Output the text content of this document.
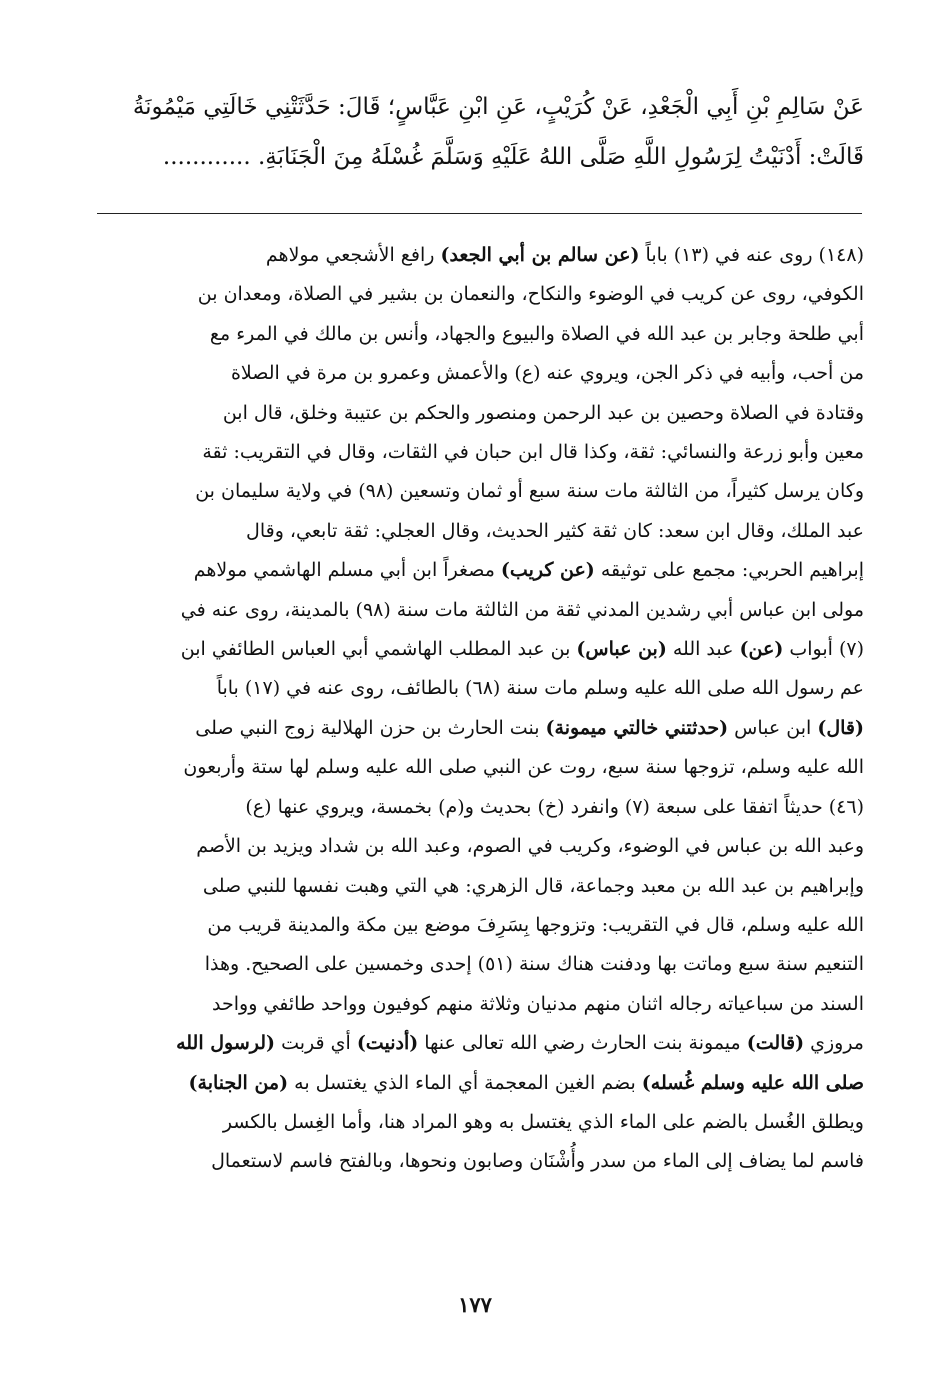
عَنْ سَالِمِ بْنِ أَبِي الْجَعْدِ، عَنْ كُرَيْبٍ، عَنِ ابْنِ عَبَّاسٍ؛ قَالَ: حَدَّثَتْنِي خَالَتِي مَيْمُونَةُ
قَالَتْ: أَدْنَيْتُ لِرَسُولِ اللَّهِ صَلَّى اللهُ عَلَيْهِ وَسَلَّمَ غُسْلَهُ مِنَ الْجَنَابَةِ. ............
(١٤٨) روى عنه في (١٣) باباً (عن سالم بن أبي الجعد) رافع الأشجعي مولاهم
الكوفي، روى عن كريب في الوضوء والنكاح، والنعمان بن بشير في الصلاة، ومعدان بن
أبي طلحة وجابر بن عبد الله في الصلاة والبيوع والجهاد، وأنس بن مالك في المرء مع
من أحب، وأبيه في ذكر الجن، ويروي عنه (ع) والأعمش وعمرو بن مرة في الصلاة
وقتادة في الصلاة وحصين بن عبد الرحمن ومنصور والحكم بن عتيبة وخلق، قال ابن
معين وأبو زرعة والنسائي: ثقة، وكذا قال ابن حبان في الثقات، وقال في التقريب: ثقة
وكان يرسل كثيراً، من الثالثة مات سنة سبع أو ثمان وتسعين (٩٨) في ولاية سليمان بن
عبد الملك، وقال ابن سعد: كان ثقة كثير الحديث، وقال العجلي: ثقة تابعي، وقال
إبراهيم الحربي: مجمع على توثيقه (عن كريب) مصغراً ابن أبي مسلم الهاشمي مولاهم
مولى ابن عباس أبي رشدين المدني ثقة من الثالثة مات سنة (٩٨) بالمدينة، روى عنه في
(٧) أبواب (عن) عبد الله (بن عباس) بن عبد المطلب الهاشمي أبي العباس الطائفي ابن
عم رسول الله صلى الله عليه وسلم مات سنة (٦٨) بالطائف، روى عنه في (١٧) باباً
(قال) ابن عباس (حدثتني خالتي ميمونة) بنت الحارث بن حزن الهلالية زوج النبي صلى
الله عليه وسلم، تزوجها سنة سبع، روت عن النبي صلى الله عليه وسلم لها ستة وأربعون
(٤٦) حديثاً اتفقا على سبعة (٧) وانفرد (خ) بحديث و(م) بخمسة، ويروي عنها (ع)
وعبد الله بن عباس في الوضوء، وكريب في الصوم، وعبد الله بن شداد ويزيد بن الأصم
وإبراهيم بن عبد الله بن معبد وجماعة، قال الزهري: هي التي وهبت نفسها للنبي صلى
الله عليه وسلم، قال في التقريب: وتزوجها بِسَرِفَ موضع بين مكة والمدينة قريب من
التنعيم سنة سبع وماتت بها ودفنت هناك سنة (٥١) إحدى وخمسين على الصحيح. وهذا
السند من سباعياته رجاله اثنان منهم مدنيان وثلاثة منهم كوفيون وواحد طائفي وواحد
مروزي (قالت) ميمونة بنت الحارث رضي الله تعالى عنها (أدنيت) أي قربت (لرسول الله
صلى الله عليه وسلم غُسله) بضم الغين المعجمة أي الماء الذي يغتسل به (من الجنابة)
ويطلق الغُسل بالضم على الماء الذي يغتسل به وهو المراد هنا، وأما الغِسل بالكسر
فاسم لما يضاف إلى الماء من سدر وأُشْنَان وصابون ونحوها، وبالفتح فاسم لاستعمال
١٧٧
